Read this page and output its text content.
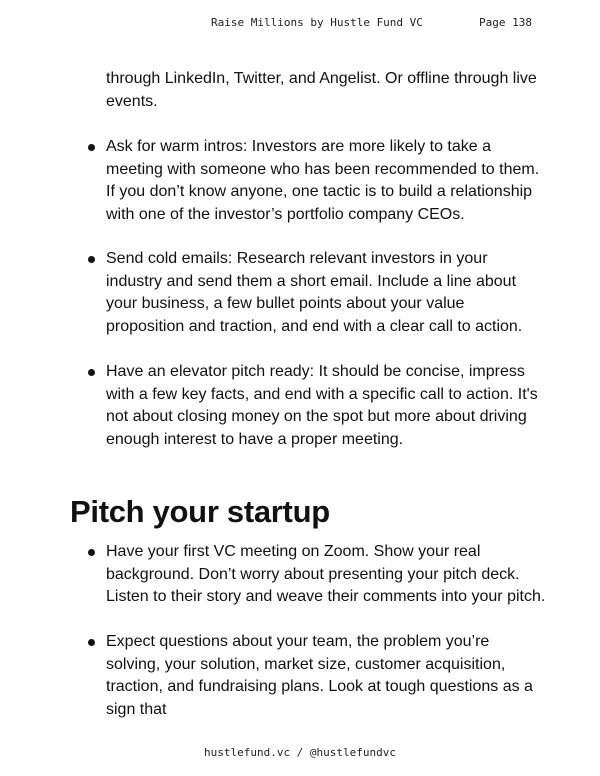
Raise Millions by Hustle Fund VC	Page 138
through LinkedIn, Twitter, and Angelist. Or offline through live events.
Ask for warm intros: Investors are more likely to take a meeting with someone who has been recommended to them. If you don’t know anyone, one tactic is to build a relationship with one of the investor’s portfolio company CEOs.
Send cold emails: Research relevant investors in your industry and send them a short email. Include a line about your business, a few bullet points about your value proposition and traction, and end with a clear call to action.
Have an elevator pitch ready: It should be concise, impress with a few key facts, and end with a specific call to action. It's not about closing money on the spot but more about driving enough interest to have a proper meeting.
Pitch your startup
Have your first VC meeting on Zoom. Show your real background. Don’t worry about presenting your pitch deck. Listen to their story and weave their comments into your pitch.
Expect questions about your team, the problem you’re solving, your solution, market size, customer acquisition, traction, and fundraising plans. Look at tough questions as a sign that
hustlefund.vc / @hustlefundvc
